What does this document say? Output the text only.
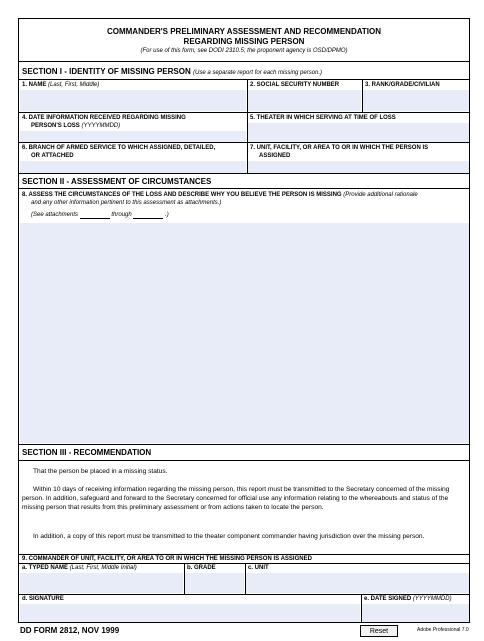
COMMANDER'S PRELIMINARY ASSESSMENT AND RECOMMENDATION
REGARDING MISSING PERSON
(For use of this form, see DODI 2310.5; the proponent agency is OSD/DPMO)
SECTION I - IDENTITY OF MISSING PERSON (Use a separate report for each missing person.)
1. NAME (Last, First, Middle)	2. SOCIAL SECURITY NUMBER	3. RANK/GRADE/CIVILIAN
4. DATE INFORMATION RECEIVED REGARDING MISSING
PERSON'S LOSS (YYYYMMDD)
5. THEATER IN WHICH SERVING AT TIME OF LOSS
6. BRANCH OF ARMED SERVICE TO WHICH ASSIGNED, DETAILED,
OR ATTACHED
7. UNIT, FACILITY, OR AREA TO OR IN WHICH THE PERSON IS
ASSIGNED
SECTION II - ASSESSMENT OF CIRCUMSTANCES
8. ASSESS THE CIRCUMSTANCES OF THE LOSS AND DESCRIBE WHY YOU BELIEVE THE PERSON IS MISSING (Provide additional rationale
and any other information pertinent to this assessment as attachments.)
(See attachments	through	.)
SECTION III - RECOMMENDATION
That the person be placed in a missing status.
Within 10 days of receiving information regarding the missing person, this report must be transmitted to the Secretary concerned of the missing person. In addition, safeguard and forward to the Secretary concerned for official use any information relating to the whereabouts and status of the missing person that results from this preliminary assessment or from actions taken to locate the person.
In addition, a copy of this report must be transmitted to the theater component commander having jurisdiction over the missing person.
9. COMMANDER OF UNIT, FACILITY, OR AREA TO OR IN WHICH THE MISSING PERSON IS ASSIGNED
a. TYPED NAME (Last, First, Middle Initial)	b. GRADE	c. UNIT
d. SIGNATURE	e. DATE SIGNED (YYYYMMDD)
DD FORM 2812, NOV 1999	Reset	Adobe Professional 7.0
